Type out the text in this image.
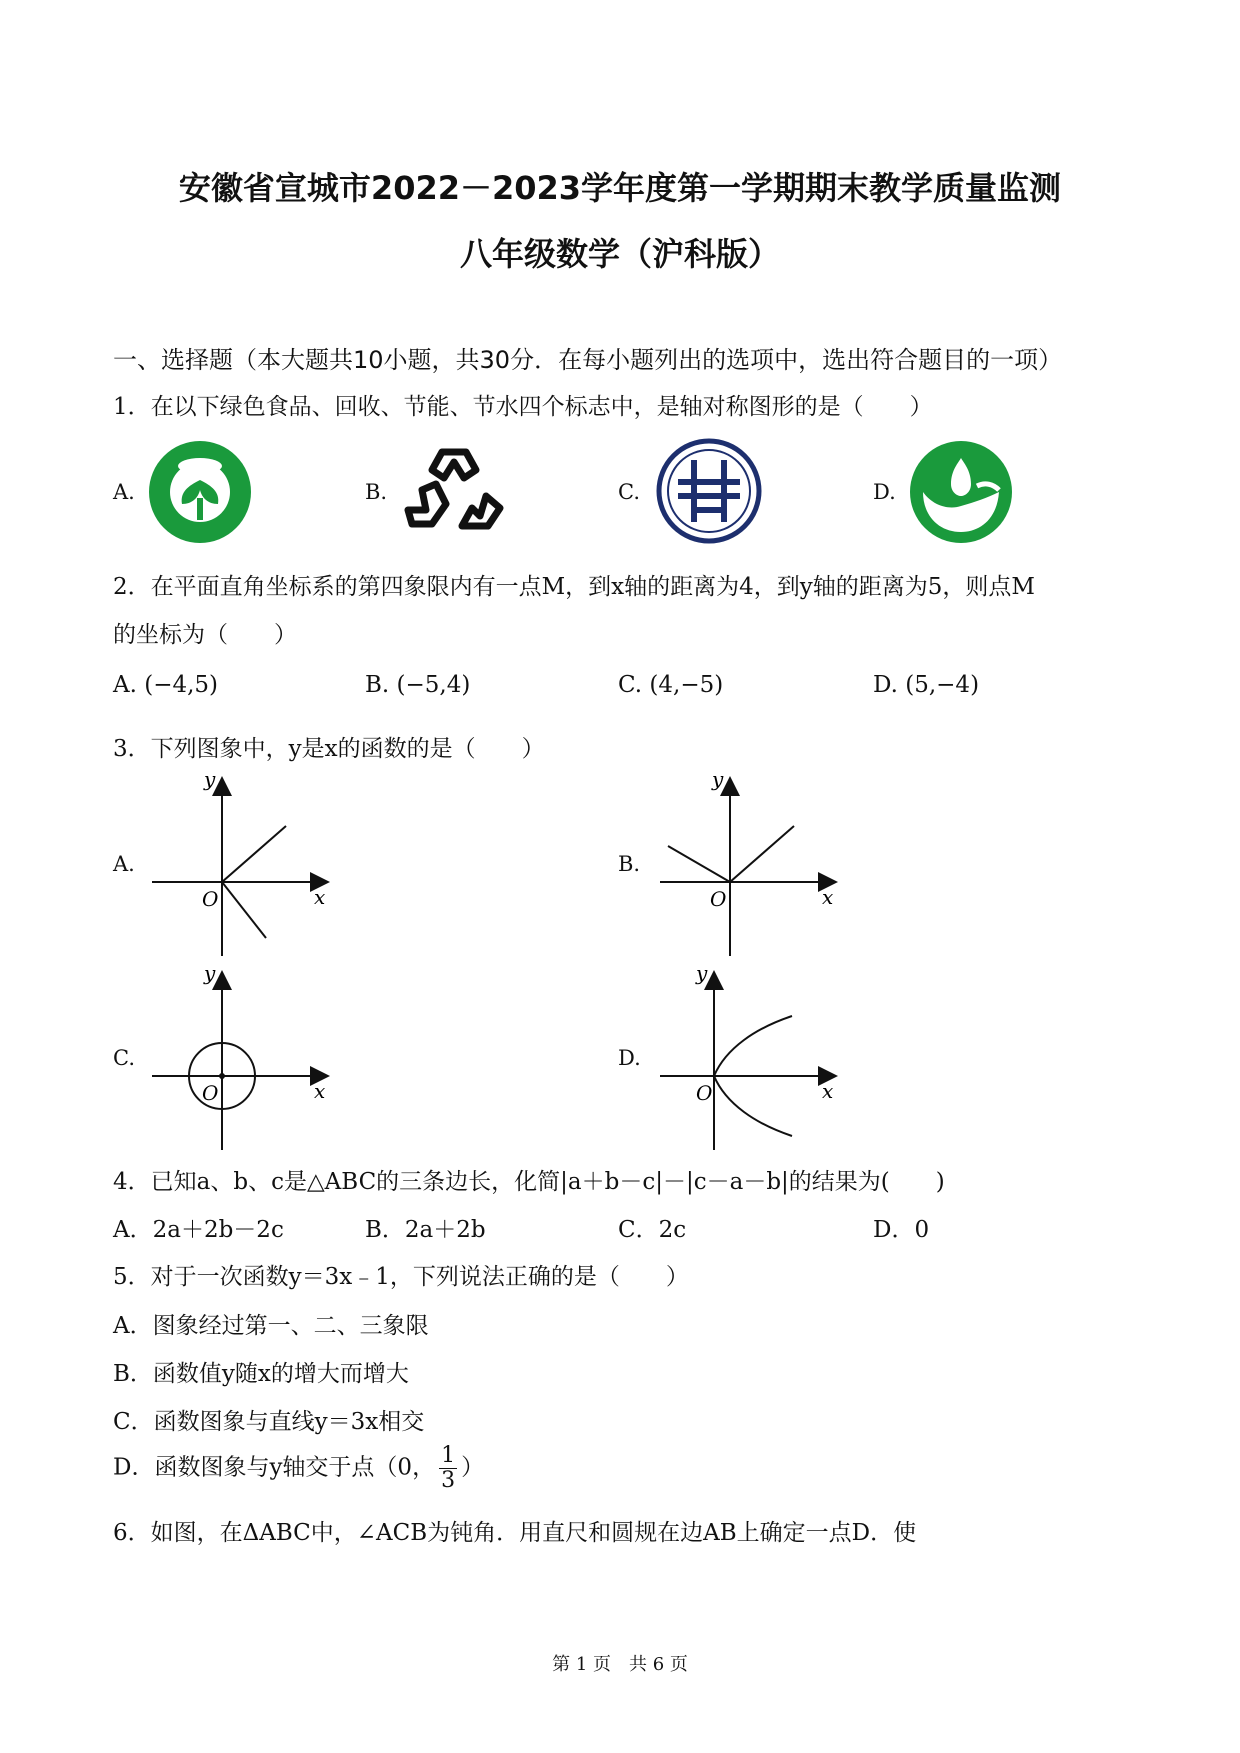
安徽省宣城市2022－2023学年度第一学期期末教学质量监测
八年级数学（沪科版）
一、选择题（本大题共10小题，共30分．在每小题列出的选项中，选出符合题目的一项）
1．在以下绿色食品、回收、节能、节水四个标志中，是轴对称图形的是（　　）
A.	B.	C.	D.
2．在平面直角坐标系的第四象限内有一点M，到x轴的距离为4，到y轴的距离为5，则点M
的坐标为（　　）
A. (−4,5)	B. (−5,4)	C. (4,−5)	D. (5,−4)
3．下列图象中，y是x的函数的是（　　）
A.
y
x
O
B.
y
x
O
C.
y
x
O
D.
y
x
O
4．已知a、b、c是△ABC的三条边长，化简|a＋b－c|－|c－a－b|的结果为(　　)
A．2a＋2b－2c	B．2a＋2b	C．2c	D．0
5．对于一次函数y＝3x﹣1，下列说法正确的是（　　）
A．图象经过第一、二、三象限
B．函数值y随x的增大而增大
C．函数图象与直线y＝3x相交
D．函数图象与y轴交于点（0， $\frac{1}{3}$ ）
6．如图，在ΔABC中，∠ACB为钝角．用直尺和圆规在边AB上确定一点D．使
第 1 页　共 6 页
